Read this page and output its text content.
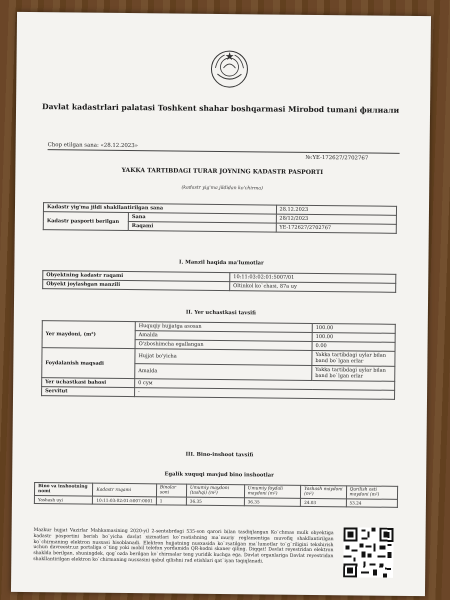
Davlat kadastrlari palatasi Toshkent shahar boshqarmasi Mirobod tumani филиали
Chop etilgan sana: «28.12.2023»
№:YE-172627/2702767
YAKKA TARTIBDAGI TURAR JOYNING KADASTR PASPORTI
(kadastr yig'ma jildidan ko'chirma)
Kadastr yig'ma jildi shakllantirilgan sana		28.12.2023
Kadastr pasporti berilgan	Sana	28/12/2023
	Raqami	YE-172627/2702767
I. Manzil haqida ma'lumotlar
Obyektning kadastr raqami	10:11:03:02:01:5007/01
Obyekt joylashgan manzili	Oltinkol ko`chasi, 87a uy
II. Yer uchastkasi tavsifi
Yer maydoni, (m²)	Huquqiy hujjatga asosan	100.00
	Amalda	100.00
	O'zboshimcha egallangan	0.00
Foydalanish maqsadi	Hujjat bo'yicha	Yakka tartibdagi uylar bilan band bo`lgan erlar
	Amalda	Yakka tartibdagi uylar bilan band bo`lgan erlar
Yer uchastkasi bahosi	0 сум	
Servitut	-	
III. Bino-inshoot tavsifi
Egalik xuquqi mavjud bino inshootlar
Bino va inshootning nomi	Kadastr raqami	Binolar soni	Umumiy maydoni (tashqi) (m²)	Umumiy foydali maydoni (m²)	Yashash maydoni (m²)	Qurilish osti maydoni (m²)
Yashash uyi	10:11:03:02:01:5007:0001	1	36.35	36.35	24.03	53.24
Mazkur hujjat Vazirlar Mahkamasining 2020-yil 2-sentabrdagi 535-son qarori bilan tasdiqlangan Ko`chmas mulk obyektiga kadastr pasportini berish bo`yicha davlat xizmatlari ko`rsatishning ma`muriy reglamentiga muvofiq shakllantirilgan ko`chirmaning elektron nusxasi hisoblanadi. Elektron hujjatning nusxasida ko`rsatilgan ma`lumotlar to`g`riligini tekshirish uchun davreestr.uz portaliga o`ting yoki mobil telefon yordamida QR-kodni skaner qiling. Diqqat! Davlat reyestridan elektron shaklda berilgan, shuningdek, qog`ozda berilgan ko`chirmalar teng yuridik kuchga ega. Davlat organlariga Davlat reyestridan shakllantirilgan elektron ko`chirmaning nusxasini qabul qilishni rad etishlari qat`iyan taqiqlanadi.
